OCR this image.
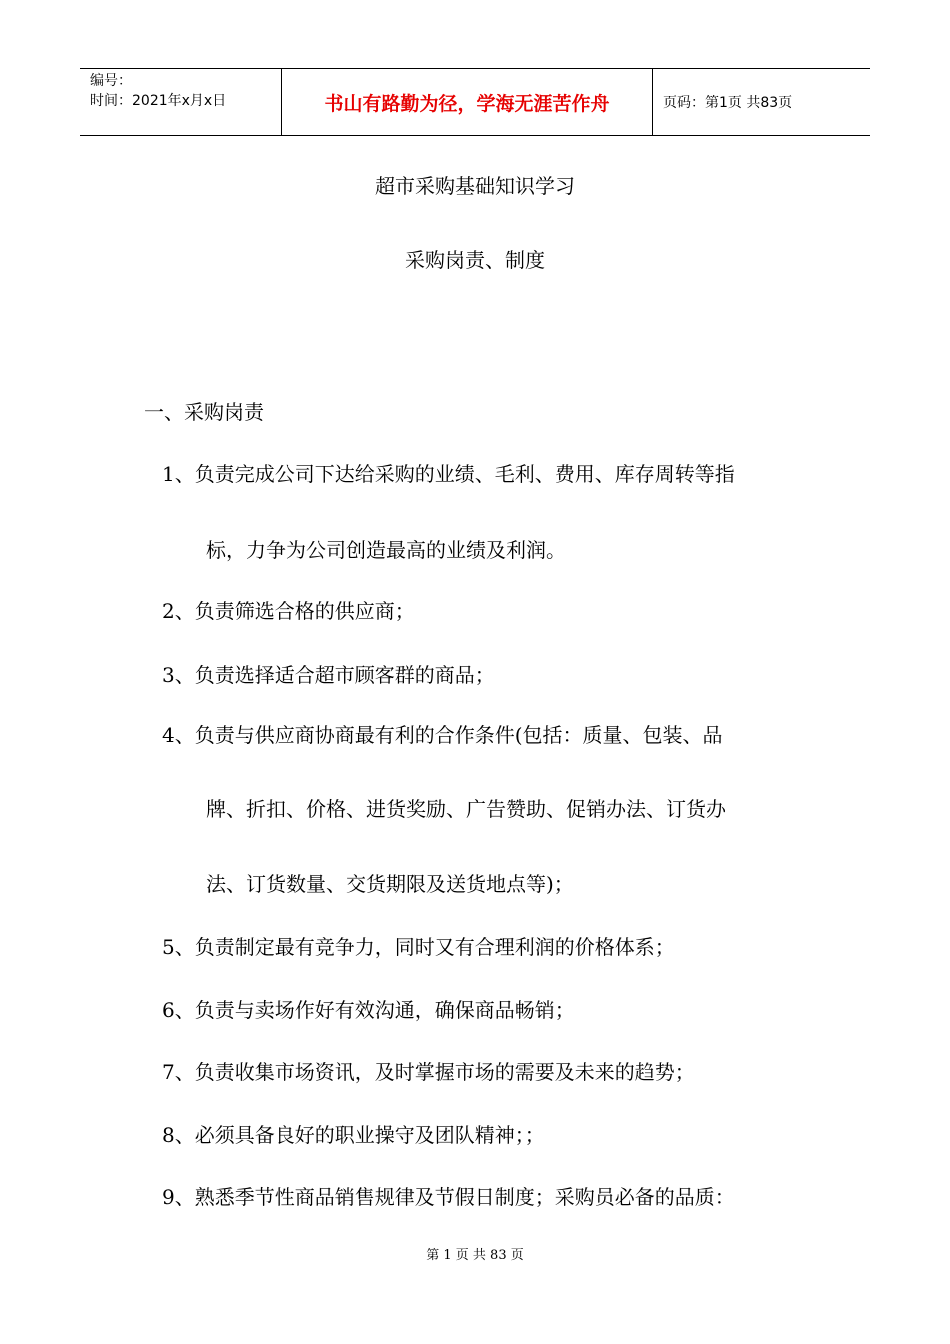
编号：
时间：2021年x月x日	书山有路勤为径，学海无涯苦作舟	页码：第1页 共83页
超市采购基础知识学习
采购岗责、制度
一、采购岗责
1、负责完成公司下达给采购的业绩、毛利、费用、库存周转等指
标，力争为公司创造最高的业绩及利润。
2、负责筛选合格的供应商；
3、负责选择适合超市顾客群的商品；
4、负责与供应商协商最有利的合作条件(包括：质量、包装、品
牌、折扣、价格、进货奖励、广告赞助、促销办法、订货办
法、订货数量、交货期限及送货地点等)；
5、负责制定最有竞争力，同时又有合理利润的价格体系；
6、负责与卖场作好有效沟通，确保商品畅销；
7、负责收集市场资讯，及时掌握市场的需要及未来的趋势；
8、必须具备良好的职业操守及团队精神；；
9、熟悉季节性商品销售规律及节假日制度；采购员必备的品质：
第 1 页 共 83 页
